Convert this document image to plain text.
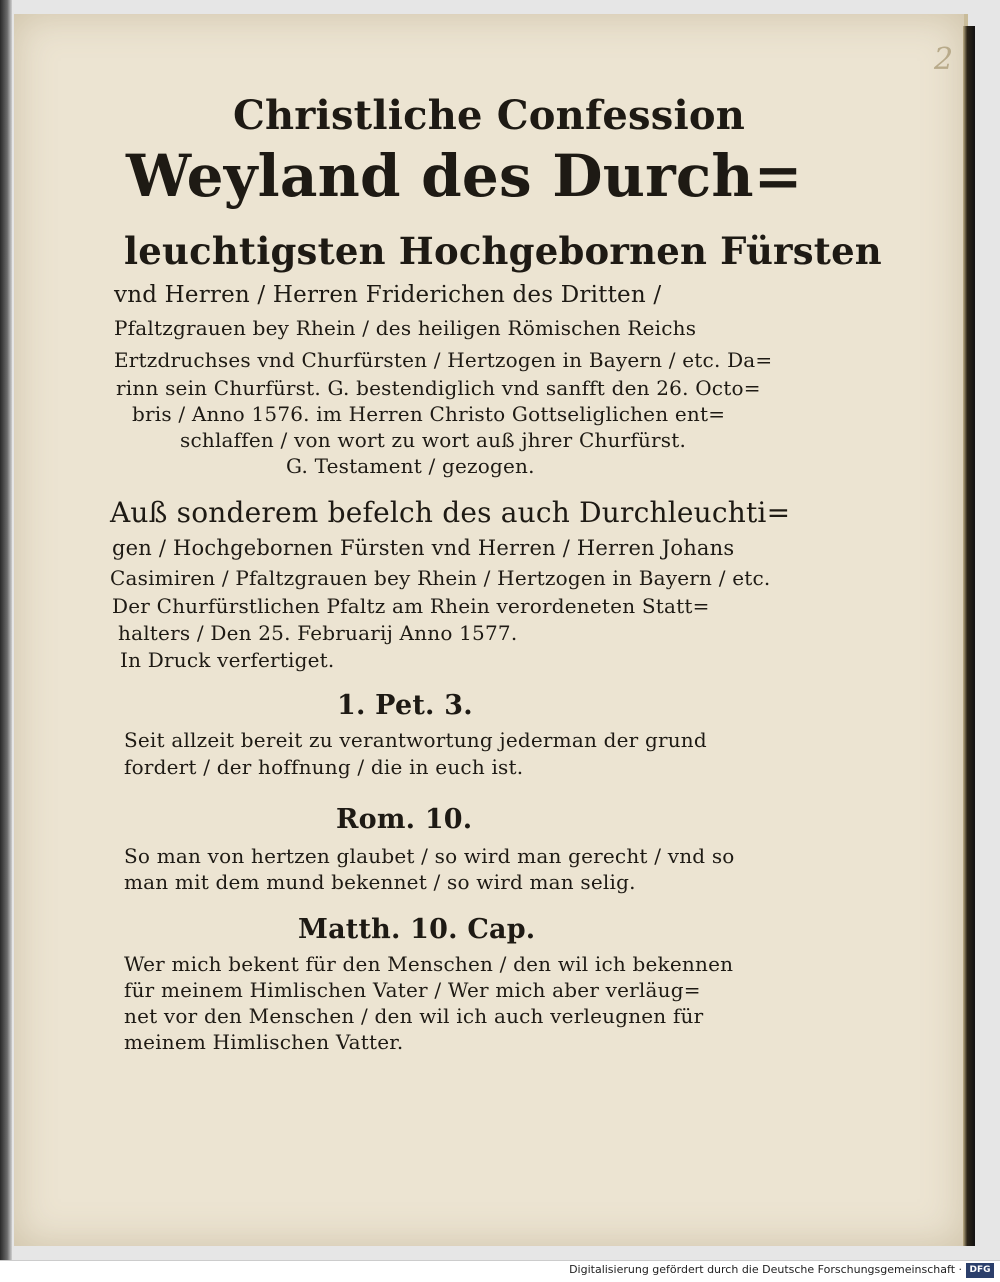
2
Christliche Confession
Weyland des Durch=
leuchtigsten Hochgebornen Fürsten
vnd Herren / Herren Friderichen des Dritten /
Pfaltzgrauen bey Rhein / des heiligen Römischen Reichs
Ertzdruchses vnd Churfürsten / Hertzogen in Bayern / etc. Da=
rinn sein Churfürst. G. bestendiglich vnd sanfft den 26. Octo=
bris / Anno 1576. im Herren Christo Gottseliglichen ent=
schlaffen / von wort zu wort auß jhrer Churfürst.
G. Testament / gezogen.
Auß sonderem befelch des auch Durchleuchti=
gen / Hochgebornen Fürsten vnd Herren / Herren Johans
Casimiren / Pfaltzgrauen bey Rhein / Hertzogen in Bayern / etc.
Der Churfürstlichen Pfaltz am Rhein verordeneten Statt=
halters / Den 25. Februarij Anno 1577.
In Druck verfertiget.
1. Pet. 3.
Seit allzeit bereit zu verantwortung jederman der grund
fordert / der hoffnung / die in euch ist.
Rom. 10.
So man von hertzen glaubet / so wird man gerecht / vnd so
man mit dem mund bekennet / so wird man selig.
Matth. 10. Cap.
Wer mich bekent für den Menschen / den wil ich bekennen
für meinem Himlischen Vater / Wer mich aber verläug=
net vor den Menschen / den wil ich auch verleugnen für
meinem Himlischen Vatter.
Digitalisierung gefördert durch die Deutsche Forschungsgemeinschaft · DFG
